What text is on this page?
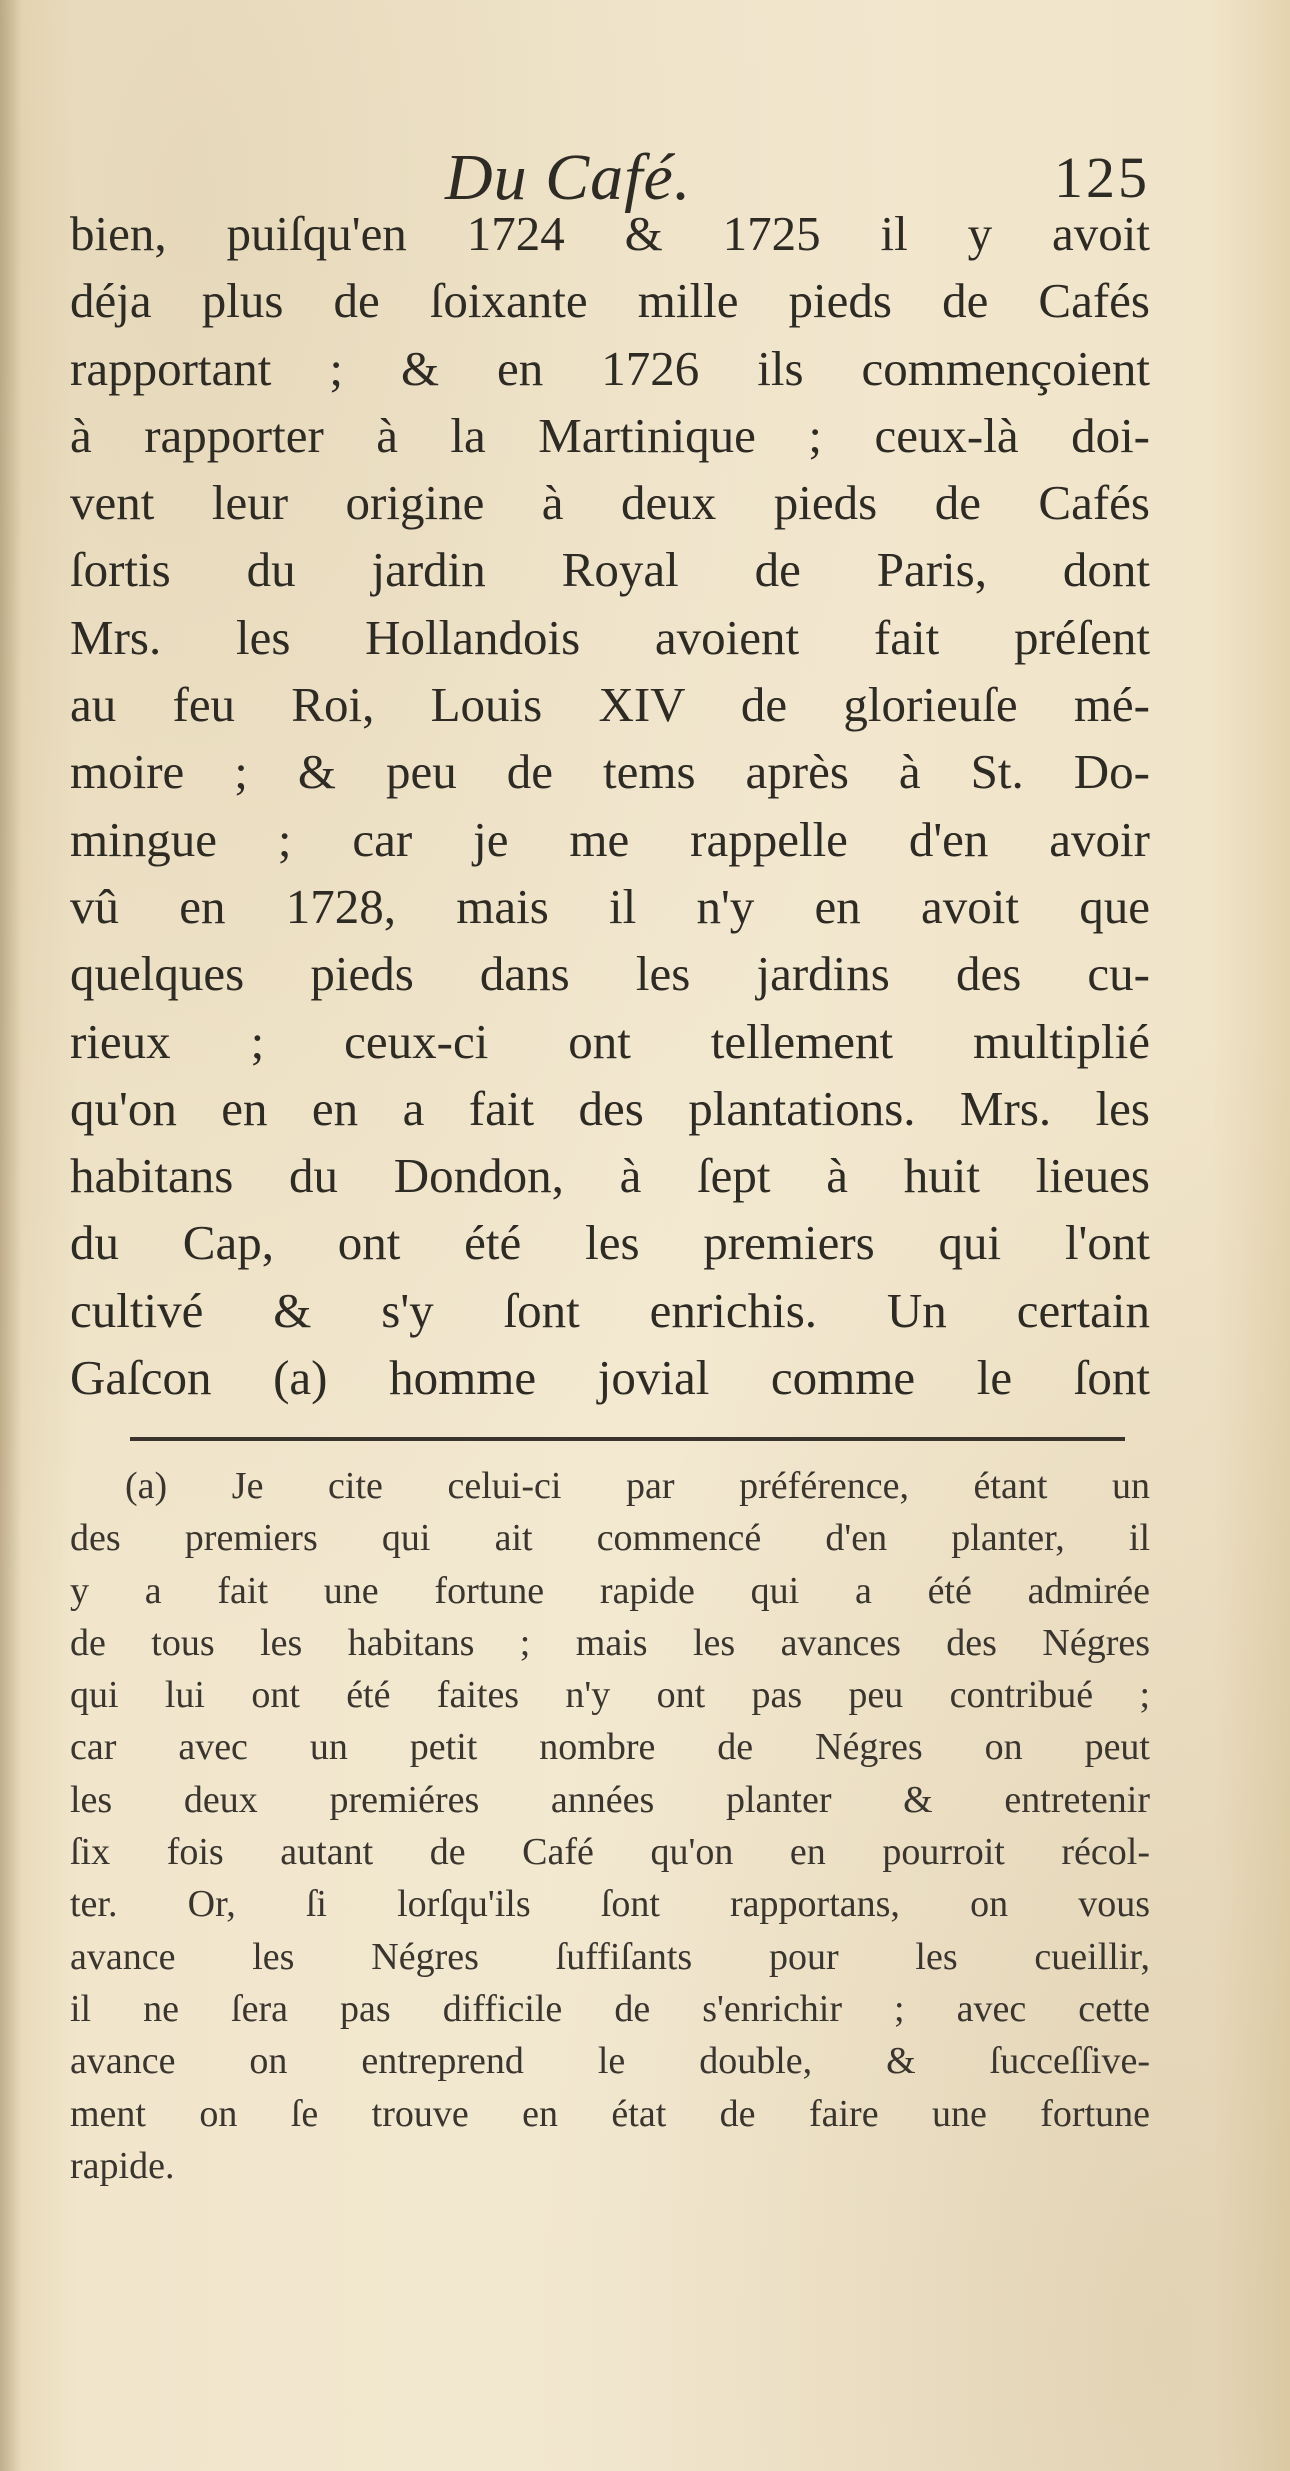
Du Café.	125
bien, puiſqu'en 1724 & 1725 il y avoit
déja plus de ſoixante mille pieds de Cafés
rapportant ; & en 1726 ils commençoient
à rapporter à la Martinique ; ceux-là doi-
vent leur origine à deux pieds de Cafés
ſortis du jardin Royal de Paris, dont
Mrs. les Hollandois avoient fait préſent
au feu Roi, Louis XIV de glorieuſe mé-
moire ; & peu de tems après à St. Do-
mingue ; car je me rappelle d'en avoir
vû en 1728, mais il n'y en avoit que
quelques pieds dans les jardins des cu-
rieux ; ceux-ci ont tellement multiplié
qu'on en en a fait des plantations. Mrs. les
habitans du Dondon, à ſept à huit lieues
du Cap, ont été les premiers qui l'ont
cultivé & s'y ſont enrichis. Un certain
Gaſcon (a) homme jovial comme le ſont
(a) Je cite celui-ci par préférence, étant un
des premiers qui ait commencé d'en planter, il
y a fait une fortune rapide qui a été admirée
de tous les habitans ; mais les avances des Négres
qui lui ont été faites n'y ont pas peu contribué ;
car avec un petit nombre de Négres on peut
les deux premiéres années planter & entretenir
ſix fois autant de Café qu'on en pourroit récol-
ter. Or, ſi lorſqu'ils ſont rapportans, on vous
avance les Négres ſuffiſants pour les cueillir,
il ne ſera pas difficile de s'enrichir ; avec cette
avance on entreprend le double, & ſucceſſive-
ment on ſe trouve en état de faire une fortune
rapide.
